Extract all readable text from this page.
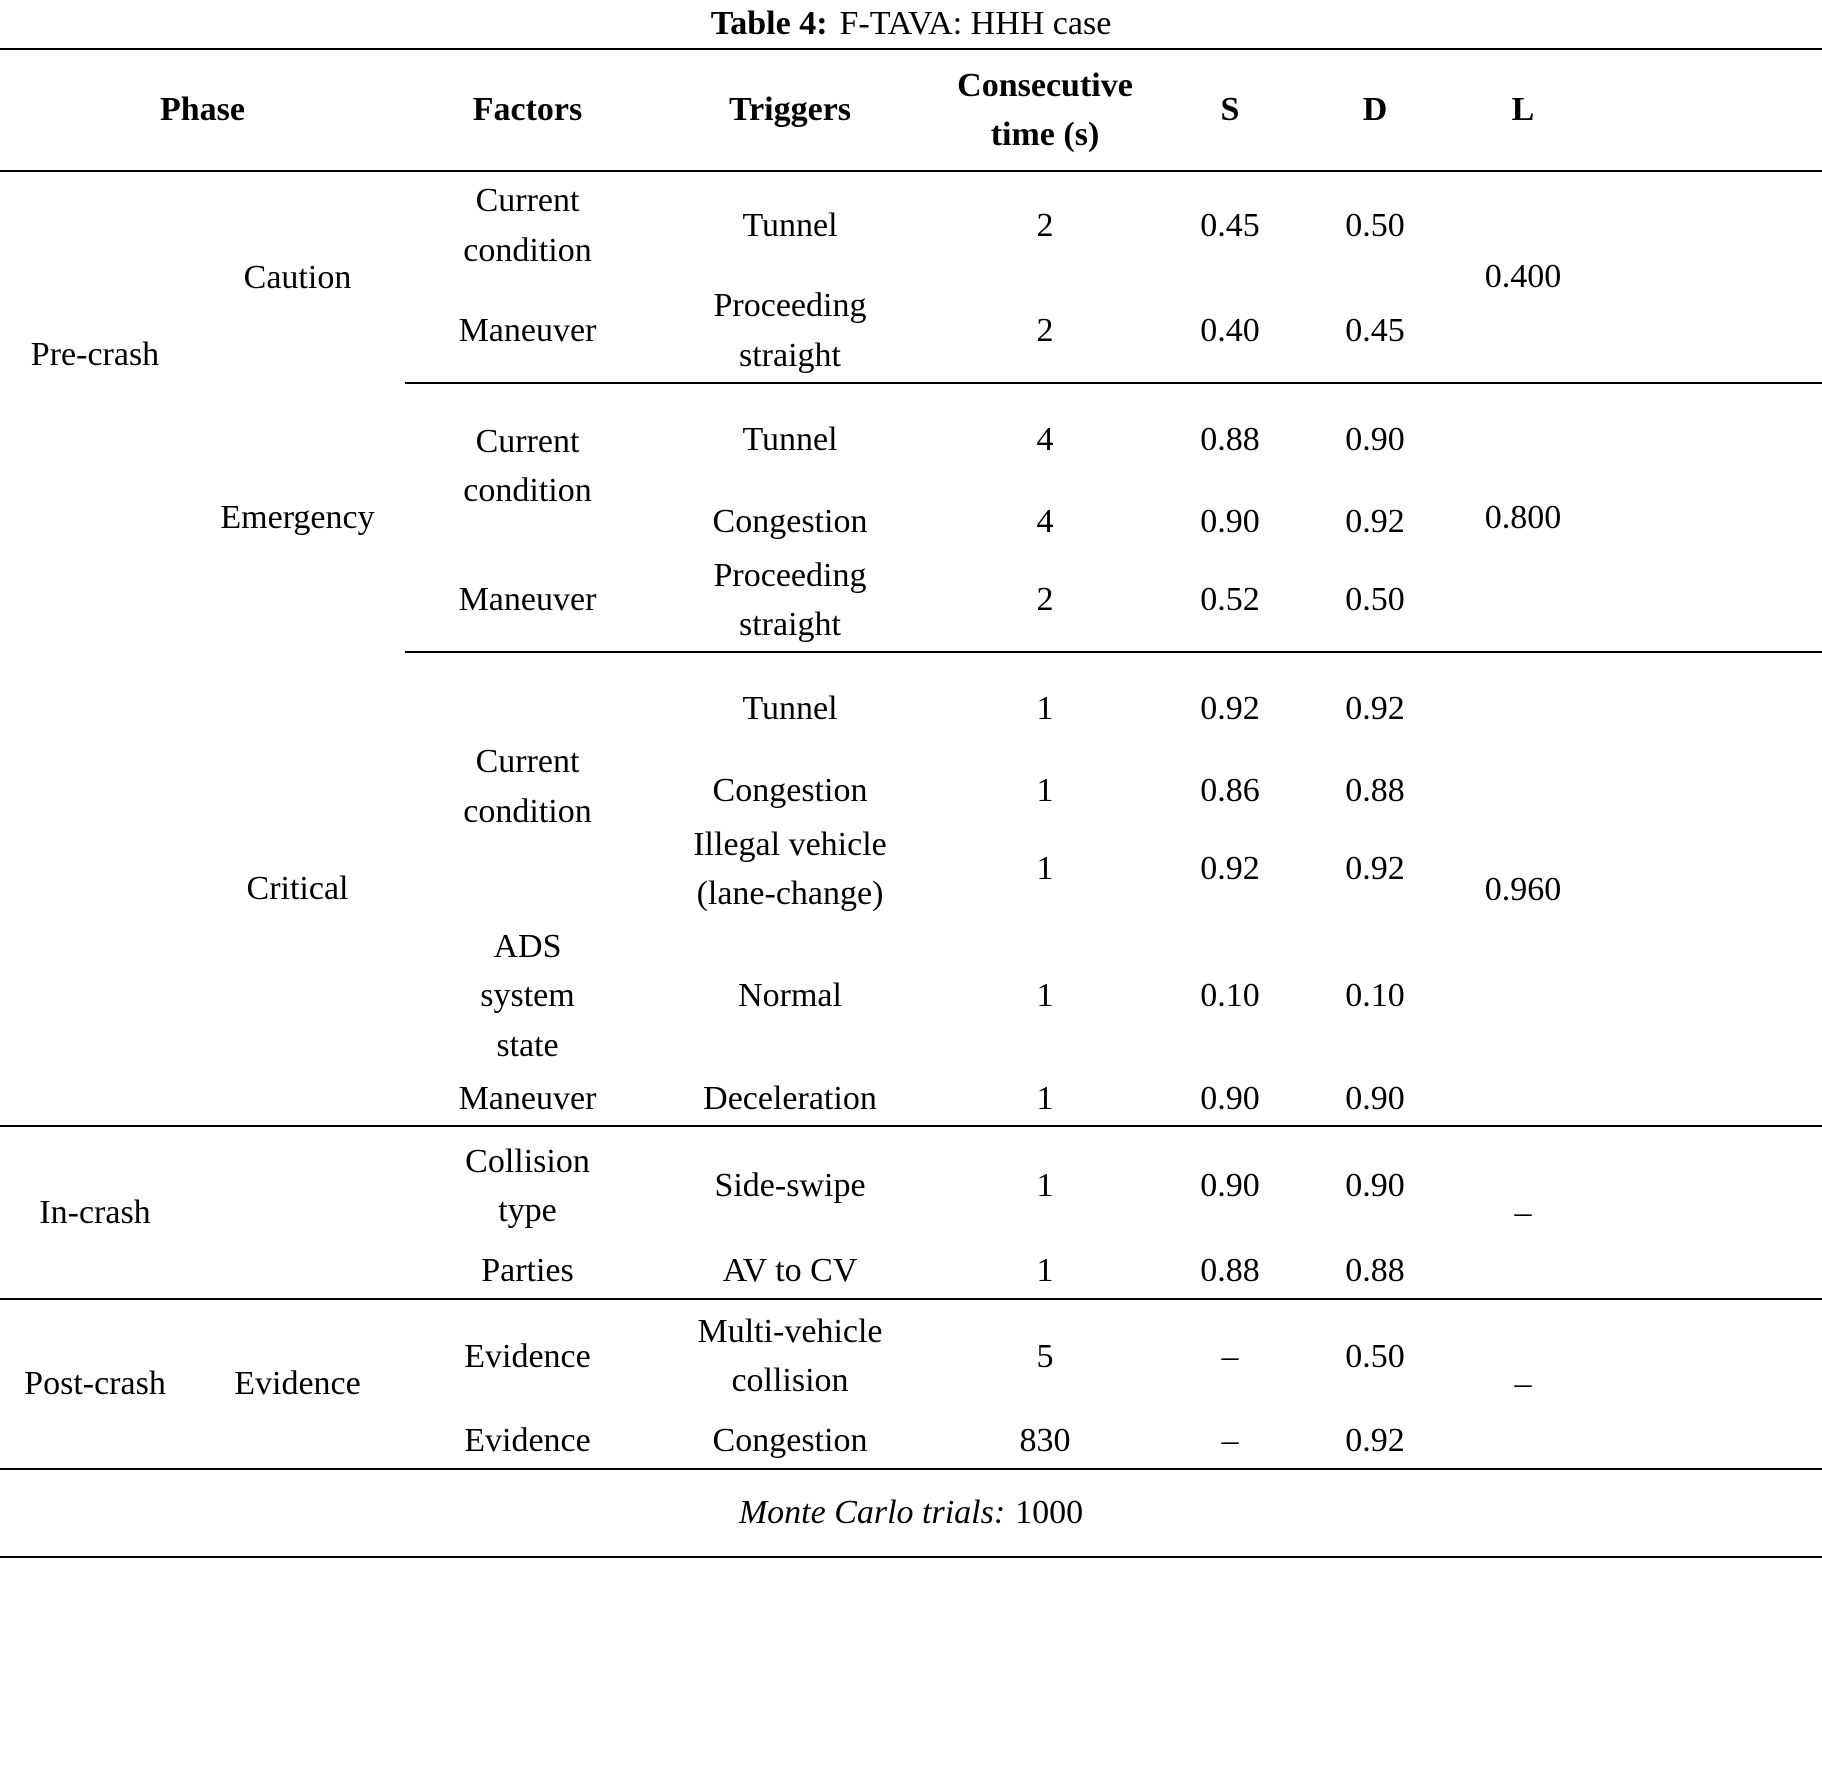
Table 4: F-TAVA: HHH case
Phase		Factors	Triggers	Consecutive time (s)	S	D	L
Pre-crash	Caution	Current condition	Tunnel	2	0.45	0.50	0.400
		Maneuver	Proceeding straight	2	0.40	0.45	
	Emergency	Current condition	Tunnel	4	0.88	0.90	0.800
			Congestion	4	0.90	0.92	
		Maneuver	Proceeding straight	2	0.52	0.50	
	Critical	Current condition	Tunnel	1	0.92	0.92	0.960
			Congestion	1	0.86	0.88	
			Illegal vehicle (lane-change)	1	0.92	0.92	
		ADS system state	Normal	1	0.10	0.10	
		Maneuver	Deceleration	1	0.90	0.90	
In-crash		Collision type	Side-swipe	1	0.90	0.90	–
		Parties	AV to CV	1	0.88	0.88	
Post-crash	Evidence	Evidence	Multi-vehicle collision	5	–	0.50	–
		Evidence	Congestion	830	–	0.92	
Monte Carlo trials: 1000							
